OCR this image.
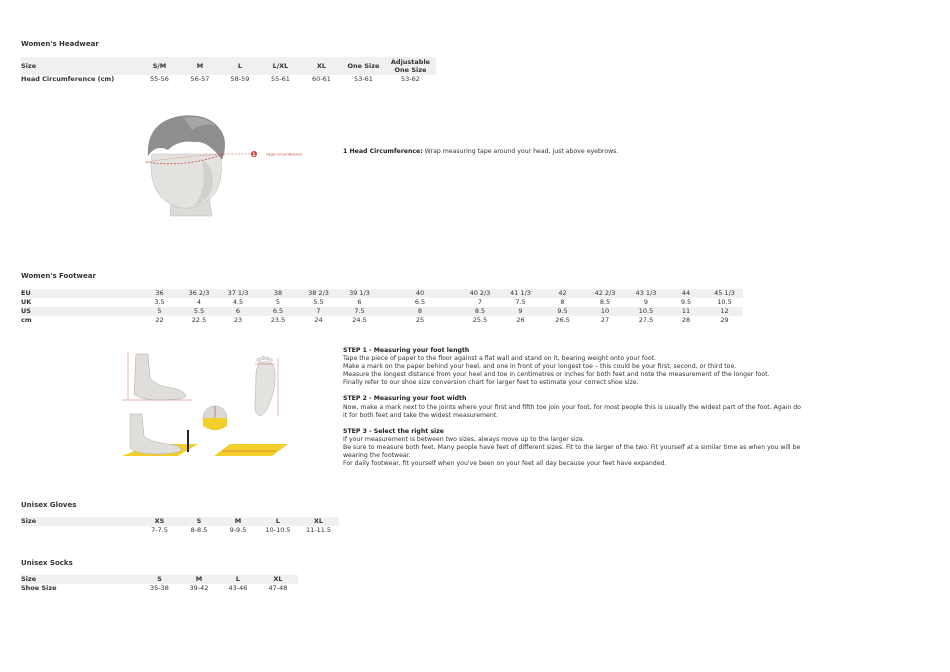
Women's Headwear
Size	S/M	M	L	L/XL	XL	One Size	Adjustable One Size
Head Circumference (cm)	55-56	56-57	58-59	55-61	60-61	53-61	53-62
1	Head circumference	1 Head Circumference: Wrap measuring tape around your head, just above eyebrows.
Women's Footwear
EU	36	36 2/3	37 1/3	38	38 2/3	39 1/3	40	40 2/3	41 1/3	42	42 2/3	43 1/3	44	45 1/3
UK	3.5	4	4.5	5	5.5	6	6.5	7	7.5	8	8.5	9	9.5	10.5
US	5	5.5	6	6.5	7	7.5	8	8.5	9	9.5	10	10.5	11	12
cm	22	22.5	23	23.5	24	24.5	25	25.5	26	26.5	27	27.5	28	29

STEP 1 - Measuring your foot length

Tape the piece of paper to the floor against a flat wall and stand on it, bearing weight onto your foot.

Make a mark on the paper behind your heel, and one in front of your longest toe – this could be your first, second, or third toe.

Measure the longest distance from your heel and toe in centimetres or inches for both feet and note the measurement of the longer foot.

Finally refer to our shoe size conversion chart for larger feet to estimate your correct shoe size.

STEP 2 - Measuring your foot width

Now, make a mark next to the joints where your first and fifth toe join your foot, for most people this is usually the widest part of the foot. Again do it for both feet and take the widest measurement.

STEP 3 - Select the right size

If your measurement is between two sizes, always move up to the larger size.

Be sure to measure both feet. Many people have feet of different sizes. Fit to the larger of the two. Fit yourself at a similar time as when you will be wearing the footwear.

For daily footwear, fit yourself when you've been on your feet all day because your feet have expanded.

Unisex Gloves
Size	XS	S	M	L	XL
	7-7.5	8-8.5	9-9.5	10-10.5	11-11.5
Unisex Socks
Size	S	M	L	XL
Shoe Size	35-38	39-42	43-46	47-48
